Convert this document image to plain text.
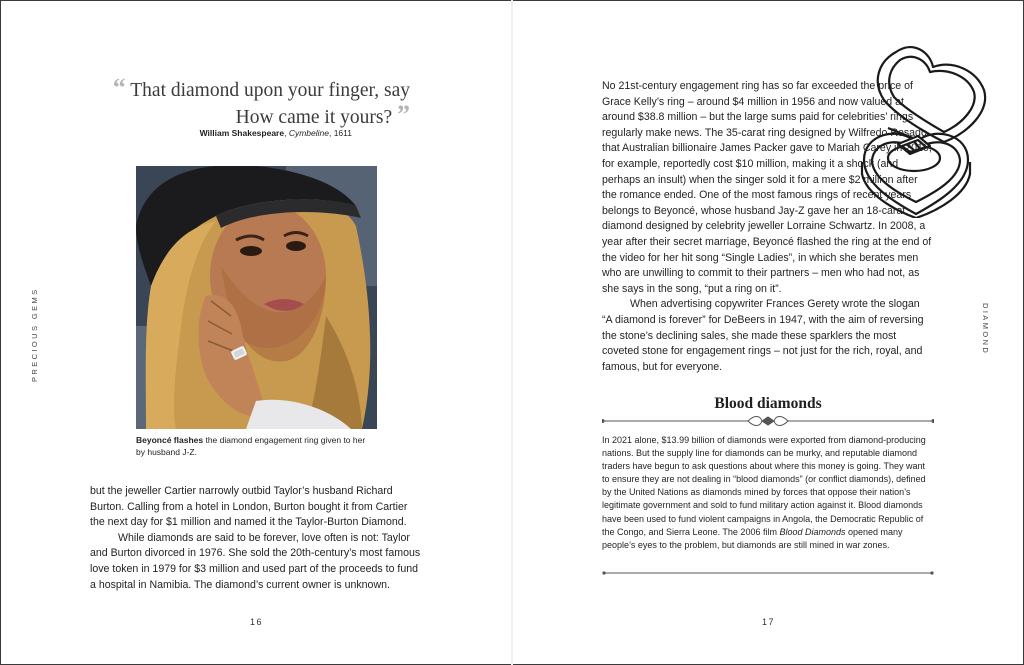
PRECIOUS GEMS
“ That diamond upon your finger, say
How came it yours? ”
William Shakespeare, Cymbeline, 1611
Beyoncé flashes the diamond engagement ring given to her by husband J-Z.

but the jeweller Cartier narrowly outbid Taylor’s husband Richard Burton. Calling from a hotel in London, Burton bought it from Cartier the next day for $1 million and named it the Taylor-Burton Diamond.

While diamonds are said to be forever, love often is not: Taylor and Burton divorced in 1976. She sold the 20th-century’s most famous love token in 1979 for $3 million and used part of the proceeds to fund a hospital in Namibia. The diamond’s current owner is unknown.

16

No 21st-century engagement ring has so far exceeded the price of Grace Kelly’s ring – around $4 million in 1956 and now valued at around $38.8 million – but the large sums paid for celebrities’ rings regularly make news. The 35-carat ring designed by Wilfredo Rosado that Australian billionaire James Packer gave to Mariah Carey in 2016, for example, reportedly cost $10 million, making it a shock (and perhaps an insult) when the singer sold it for a mere $2 million after the romance ended. One of the most famous rings of recent years belongs to Beyoncé, whose husband Jay-Z gave her an 18-carat diamond designed by celebrity jeweller Lorraine Schwartz. In 2008, a year after their secret marriage, Beyoncé flashed the ring at the end of the video for her hit song “Single Ladies”, in which she berates men who are unwilling to commit to their partners – men who had not, as she says in the song, “put a ring on it”.

When advertising copywriter Frances Gerety wrote the slogan “A diamond is forever” for DeBeers in 1947, with the aim of reversing the stone’s declining sales, she made these sparklers the most coveted stone for engagement rings – not just for the rich, royal, and famous, but for everyone.

DIAMOND
Blood diamonds
In 2021 alone, $13.99 billion of diamonds were exported from diamond-producing nations. But the supply line for diamonds can be murky, and reputable diamond traders have begun to ask questions about where this money is going. They want to ensure they are not dealing in “blood diamonds” (or conflict diamonds), defined by the United Nations as diamonds mined by forces that oppose their nation’s legitimate government and sold to fund military action against it. Blood diamonds have been used to fund violent campaigns in Angola, the Democratic Republic of the Congo, and Sierra Leone. The 2006 film Blood Diamonds opened many people’s eyes to the problem, but diamonds are still mined in war zones.
17
